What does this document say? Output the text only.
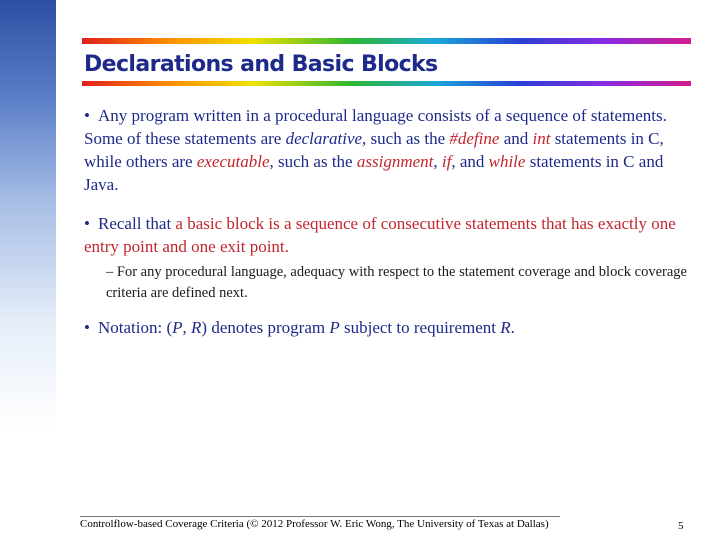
Declarations and Basic Blocks
• Any program written in a procedural language consists of a sequence of statements. Some of these statements are declarative, such as the #define and int statements in C, while others are executable, such as the assignment, if, and while statements in C and Java.
• Recall that a basic block is a sequence of consecutive statements that has exactly one entry point and one exit point.
– For any procedural language, adequacy with respect to the statement coverage and block coverage criteria are defined next.
• Notation: (P, R) denotes program P subject to requirement R.
Controlflow-based Coverage Criteria (© 2012 Professor W. Eric Wong, The University of Texas at Dallas)	5
